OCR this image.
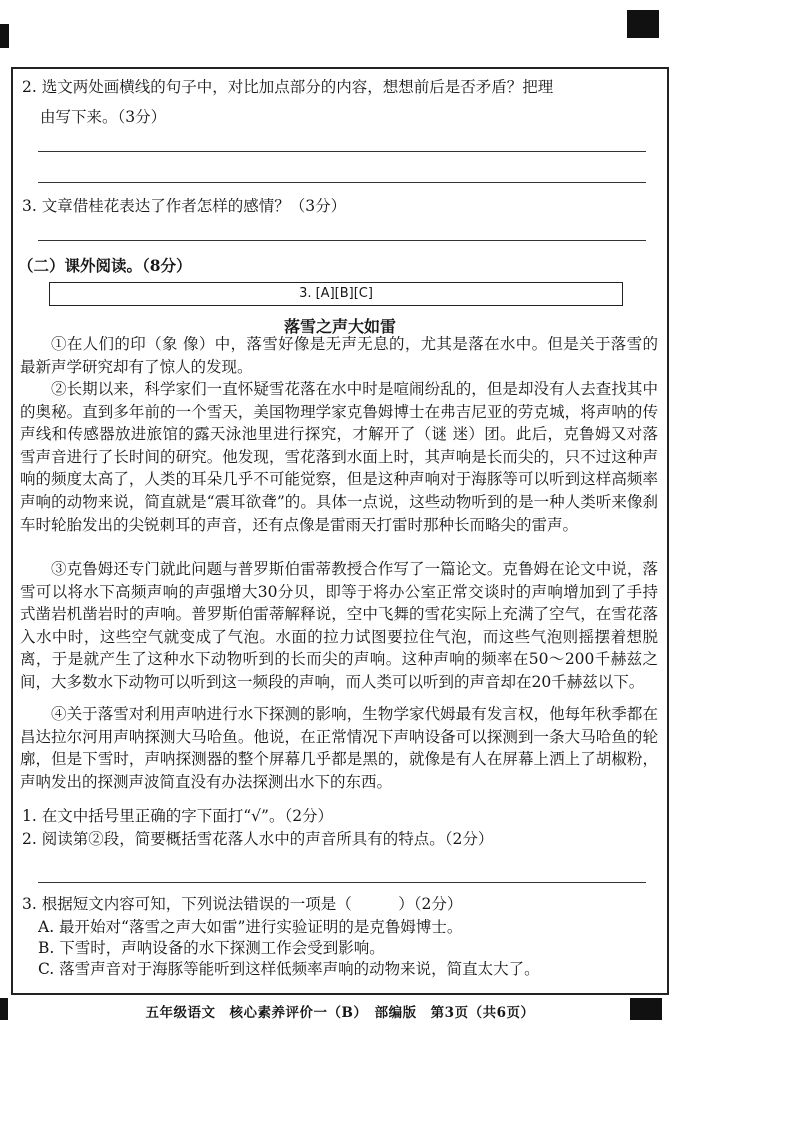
2. 选文两处画横线的句子中，对比加点部分的内容，想想前后是否矛盾？把理
由写下来。（3分）
3. 文章借桂花表达了作者怎样的感情？（3分）
（二）课外阅读。（8分）
3. [A][B][C]
落雪之声大如雷
①在人们的印（象 像）中，落雪好像是无声无息的，尤其是落在水中。但是关于落雪的最新声学研究却有了惊人的发现。
②长期以来，科学家们一直怀疑雪花落在水中时是喧闹纷乱的，但是却没有人去查找其中的奥秘。直到多年前的一个雪天，美国物理学家克鲁姆博士在弗吉尼亚的劳克城，将声呐的传声线和传感器放进旅馆的露天泳池里进行探究，才解开了（谜 迷）团。此后，克鲁姆又对落雪声音进行了长时间的研究。他发现，雪花落到水面上时，其声响是长而尖的，只不过这种声响的频度太高了，人类的耳朵几乎不可能觉察，但是这种声响对于海豚等可以听到这样高频率声响的动物来说，简直就是“震耳欲聋”的。具体一点说，这些动物听到的是一种人类听来像刹车时轮胎发出的尖锐刺耳的声音，还有点像是雷雨天打雷时那种长而略尖的雷声。
③克鲁姆还专门就此问题与普罗斯伯雷蒂教授合作写了一篇论文。克鲁姆在论文中说，落雪可以将水下高频声响的声强增大30分贝，即等于将办公室正常交谈时的声响增加到了手持式凿岩机凿岩时的声响。普罗斯伯雷蒂解释说，空中飞舞的雪花实际上充满了空气，在雪花落入水中时，这些空气就变成了气泡。水面的拉力试图要拉住气泡，而这些气泡则摇摆着想脱离，于是就产生了这种水下动物听到的长而尖的声响。这种声响的频率在50～200千赫兹之间，大多数水下动物可以听到这一频段的声响，而人类可以听到的声音却在20千赫兹以下。
④关于落雪对利用声呐进行水下探测的影响，生物学家代姆最有发言权，他每年秋季都在昌达拉尔河用声呐探测大马哈鱼。他说，在正常情况下声呐设备可以探测到一条大马哈鱼的轮廓，但是下雪时，声呐探测器的整个屏幕几乎都是黑的，就像是有人在屏幕上洒上了胡椒粉，声呐发出的探测声波简直没有办法探测出水下的东西。
1. 在文中括号里正确的字下面打“√”。（2分）
2. 阅读第②段，简要概括雪花落人水中的声音所具有的特点。（2分）
3. 根据短文内容可知，下列说法错误的一项是（　　　）（2分）
A. 最开始对“落雪之声大如雷”进行实验证明的是克鲁姆博士。
B. 下雪时，声呐设备的水下探测工作会受到影响。
C. 落雪声音对于海豚等能听到这样低频率声响的动物来说，简直太大了。
五年级语文　核心素养评价一（B）　部编版　第3页（共6页）
